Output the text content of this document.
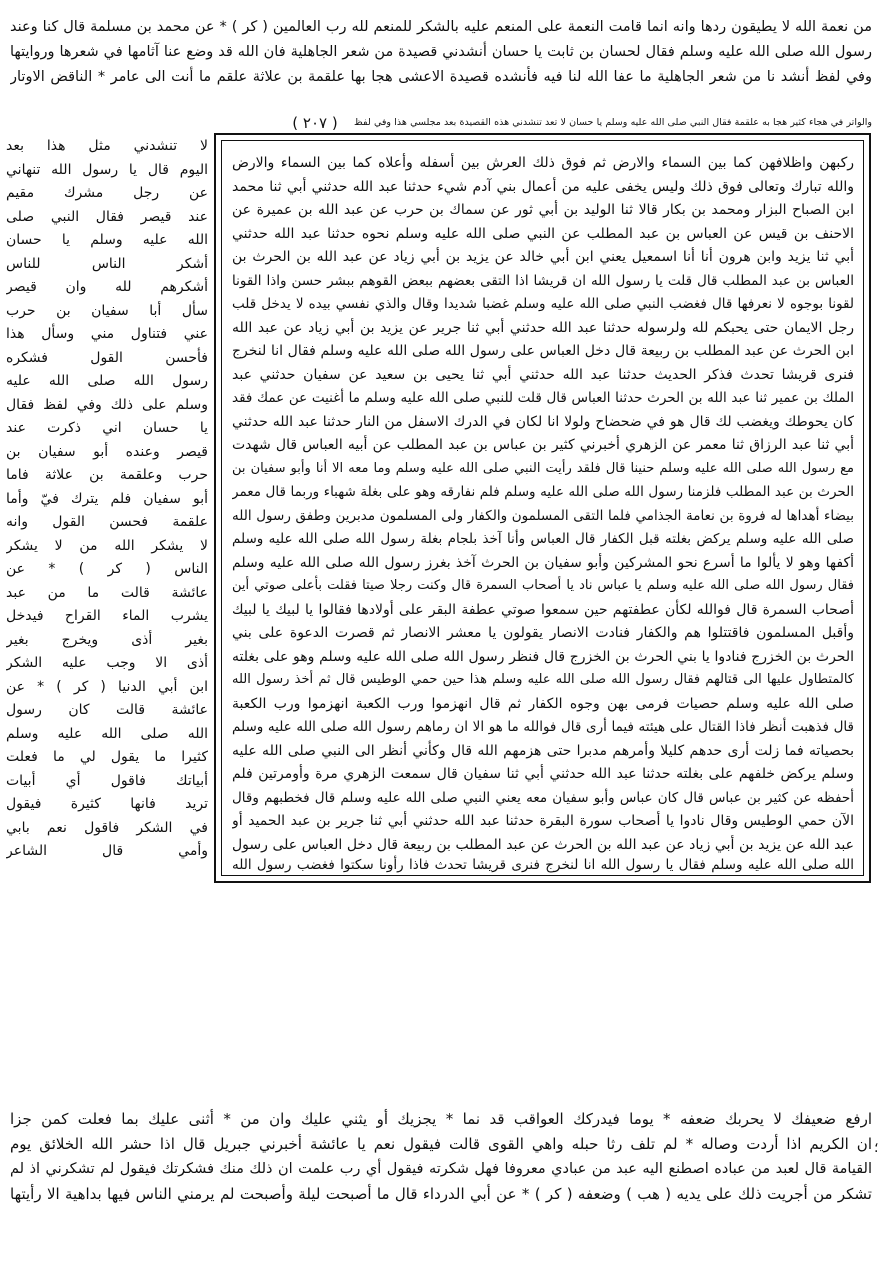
( ٢٠٧ )
من نعمة الله لا يطيقون ردها وانه انما قامت النعمة على المنعم عليه بالشكر للمنعم لله رب العالمين ( كر ) * عن محمد بن مسلمة قال كنا وعند
رسول الله صلى الله عليه وسلم فقال لحسان بن ثابت يا حسان أنشدني قصيدة من شعر الجاهلية فان الله قد وضع عنا آثامها في شعرها وروايتها
وفي لفظ أنشد نا من شعر الجاهلية ما عفا الله لنا فيه فأنشده قصيدة الاعشى هجا بها علقمة بن علاثة علقم ما أنت الى عامر * الناقض الاوتار
والواتر في هجاء كثير هجا به علقمة فقال النبي صلى الله عليه وسلم يا حسان لا تعد تنشدني هذه القصيدة بعد مجلسي هذا وفي لفظ
ركبهن واظلافهن كما بين السماء والارض ثم فوق ذلك العرش بين أسفله وأعلاه كما بين السماء والارض
والله تبارك وتعالى فوق ذلك وليس يخفى عليه من أعمال بني آدم شيء حدثنا عبد الله حدثني أبي ثنا محمد
ابن الصباح البزار ومحمد بن بكار قالا ثنا الوليد بن أبي ثور عن سماك بن حرب عن عبد الله بن عميرة عن
الاحنف بن قيس عن العباس بن عبد المطلب عن النبي صلى الله عليه وسلم نحوه حدثنا عبد الله حدثني
أبي ثنا يزيد وابن هرون أنا أنا اسمعيل يعني ابن أبي خالد عن يزيد بن أبي زياد عن عبد الله بن الحرث بن
العباس بن عبد المطلب قال قلت يا رسول الله ان قريشا اذا التقى بعضهم ببعض القوهم ببشر حسن واذا القونا
لقونا بوجوه لا نعرفها قال فغضب النبي صلى الله عليه وسلم غضبا شديدا وقال والذي نفسي بيده لا يدخل قلب
رجل الايمان حتى يحبكم لله ولرسوله حدثنا عبد الله حدثني أبي ثنا جرير عن يزيد بن أبي زياد عن عبد الله
ابن الحرث عن عبد المطلب بن ربيعة قال دخل العباس على رسول الله صلى الله عليه وسلم فقال انا لنخرج
فنرى قريشا تحدث فذكر الحديث حدثنا عبد الله حدثني أبي ثنا يحيى بن سعيد عن سفيان حدثني عبد
الملك بن عمير ثنا عبد الله بن الحرث حدثنا العباس قال قلت للنبي صلى الله عليه وسلم ما أغنيت عن عمك فقد
كان يحوطك ويغضب لك قال هو في ضحضاح ولولا انا لكان في الدرك الاسفل من النار حدثنا عبد الله حدثني
أبي ثنا عبد الرزاق ثنا معمر عن الزهري أخبرني كثير بن عباس بن عبد المطلب عن أبيه العباس قال شهدت
مع رسول الله صلى الله عليه وسلم حنينا قال فلقد رأيت النبي صلى الله عليه وسلم وما معه الا أنا وأبو سفيان بن
الحرث بن عبد المطلب فلزمنا رسول الله صلى الله عليه وسلم فلم نفارقه وهو على بغلة شهباء وربما قال معمر
بيضاء أهداها له فروة بن نعامة الجذامي فلما التقى المسلمون والكفار ولى المسلمون مدبرين وطفق رسول الله
صلى الله عليه وسلم يركض بغلته قبل الكفار قال العباس وأنا آخذ بلجام بغلة رسول الله صلى الله عليه وسلم
أكفها وهو لا يألوا ما أسرع نحو المشركين وأبو سفيان بن الحرث آخذ بغرز رسول الله صلى الله عليه وسلم
فقال رسول الله صلى الله عليه وسلم يا عباس ناد يا أصحاب السمرة قال وكنت رجلا صيتا فقلت بأعلى صوتي أين
أصحاب السمرة قال فوالله لكأن عطفتهم حين سمعوا صوتي عطفة البقر على أولادها فقالوا يا لبيك يا لبيك
وأقبل المسلمون فاقتتلوا هم والكفار فنادت الانصار يقولون يا معشر الانصار ثم قصرت الدعوة على بني
الحرث بن الخزرج فنادوا يا بني الحرث بن الخزرج قال فنظر رسول الله صلى الله عليه وسلم وهو على بغلته
كالمتطاول عليها الى قتالهم فقال رسول الله صلى الله عليه وسلم هذا حين حمي الوطيس قال ثم أخذ رسول الله
صلى الله عليه وسلم حصيات فرمى بهن وجوه الكفار ثم قال انهزموا ورب الكعبة انهزموا ورب الكعبة
قال فذهبت أنظر فاذا القتال على هيئته فيما أرى قال فوالله ما هو الا ان رماهم رسول الله صلى الله عليه وسلم
بحصياته فما زلت أرى حدهم كليلا وأمرهم مدبرا حتى هزمهم الله قال وكأني أنظر الى النبي صلى الله عليه
وسلم يركض خلفهم على بغلته حدثنا عبد الله حدثني أبي ثنا سفيان قال سمعت الزهري مرة وأومرتين فلم
أحفظه عن كثير بن عباس قال كان عباس وأبو سفيان معه يعني النبي صلى الله عليه وسلم قال فخطبهم وقال
الآن حمي الوطيس وقال نادوا يا أصحاب سورة البقرة حدثنا عبد الله حدثني أبي ثنا جرير بن عبد الحميد أو
عبد الله عن يزيد بن أبي زياد عن عبد الله بن الحرث عن عبد المطلب بن ربيعة قال دخل العباس على رسول
الله صلى الله عليه وسلم فقال يا رسول الله انا لنخرج فنرى قريشا تحدث فاذا رأونا سكتوا فغضب رسول الله
لا تنشدني مثل هذا بعد
اليوم قال يا رسول الله تنهاني
عن رجل مشرك مقيم
عند قيصر فقال النبي صلى
الله عليه وسلم يا حسان
أشكر الناس للناس
أشكرهم لله وان قيصر
سأل أبا سفيان بن حرب
عني فتناول مني وسأل هذا
فأحسن القول فشكره
رسول الله صلى الله عليه
وسلم على ذلك وفي لفظ فقال
يا حسان اني ذكرت عند
قيصر وعنده أبو سفيان بن
حرب وعلقمة بن علاثة فاما
أبو سفيان فلم يترك فيّ وأما
علقمة فحسن القول وانه
لا يشكر الله من لا يشكر
الناس ( كر ) * عن
عائشة قالت ما من عبد
يشرب الماء القراح فيدخل
بغير أذى ويخرج بغير
أذى الا وجب عليه الشكر
ابن أبي الدنيا ( كر ) * عن
عائشة قالت كان رسول
الله صلى الله عليه وسلم
كثيرا ما يقول لي ما فعلت
أبياتك فاقول أي أبيات
تريد فانها كثيرة فيقول
في الشكر فاقول نعم بابي
وأمي قال الشاعر
ارفع ضعيفك لا يحربك ضعفه * يوما فيدركك العواقب قد نما * يجزيك أو يثني عليك وان من * أثنى عليك بما فعلت كمن جزا
ان الكريم اذا أردت وصاله * لم تلف رثا حبله واهي القوى قالت فيقول نعم يا عائشة أخبرني جبريل قال اذا حشر الله الخلائق يوم
القيامة قال لعبد من عباده اصطنع اليه عبد من عبادي معروفا فهل شكرته فيقول أي رب علمت ان ذلك منك فشكرتك فيقول لم تشكرني اذ لم
تشكر من أجريت ذلك على يديه ( هب ) وضعفه ( كر ) * عن أبي الدرداء قال ما أصبحت ليلة وأصبحت لم يرمني الناس فيها بداهية الا رأيتها
؛
